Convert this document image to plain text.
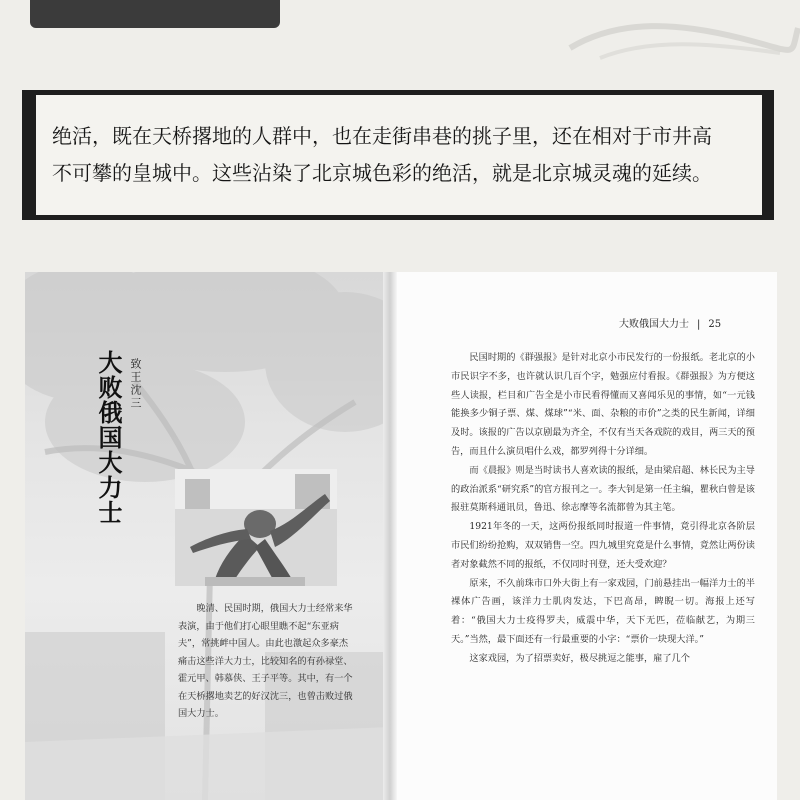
绝活，既在天桥撂地的人群中，也在走街串巷的挑子里，还在相对于市井高
不可攀的皇城中。这些沾染了北京城色彩的绝活，就是北京城灵魂的延续。
大败俄国大力士 致王沈三

晚清、民国时期，俄国大力士经常来华表演，由于他们打心眼里瞧不起“东亚病夫”，常挑衅中国人。由此也激起众多豪杰痛击这些洋大力士，比较知名的有孙禄堂、霍元甲、韩慕侠、王子平等。其中，有一个在天桥撂地卖艺的好汉沈三，也曾击败过俄国大力士。

大败俄国大力士 | 25

民国时期的《群强报》是针对北京小市民发行的一份报纸。老北京的小市民识字不多，也许就认识几百个字，勉强应付看报。《群强报》为方便这些人读报，栏目和广告全是小市民看得懂而又喜闻乐见的事情，如“一元钱能换多少铜子票、煤、煤球”“米、面、杂粮的市价”之类的民生新闻，详细及时。该报的广告以京剧最为齐全，不仅有当天各戏院的戏目，两三天的预告，而且什么演员唱什么戏，都罗列得十分详细。

而《晨报》则是当时读书人喜欢读的报纸，是由梁启超、林长民为主导的政治派系“研究系”的官方报刊之一。李大钊是第一任主编，瞿秋白曾是该报驻莫斯科通讯员，鲁迅、徐志摩等名流都曾为其主笔。

1921年冬的一天，这两份报纸同时报道一件事情，竟引得北京各阶层市民们纷纷抢购，双双销售一空。四九城里究竟是什么事情，竟然让两份读者对象截然不同的报纸，不仅同时刊登，还大受欢迎？

原来，不久前珠市口外大街上有一家戏园，门前悬挂出一幅洋力士的半裸体广告画，该洋力士肌肉发达，下巴高昂，睥睨一切。海报上还写着：“俄国大力士疫得罗夫，威震中华，天下无匹，莅临献艺，为期三天。”当然，最下面还有一行最重要的小字：“票价一块现大洋。”

这家戏园，为了招票卖好，极尽挑逗之能事，雇了几个
